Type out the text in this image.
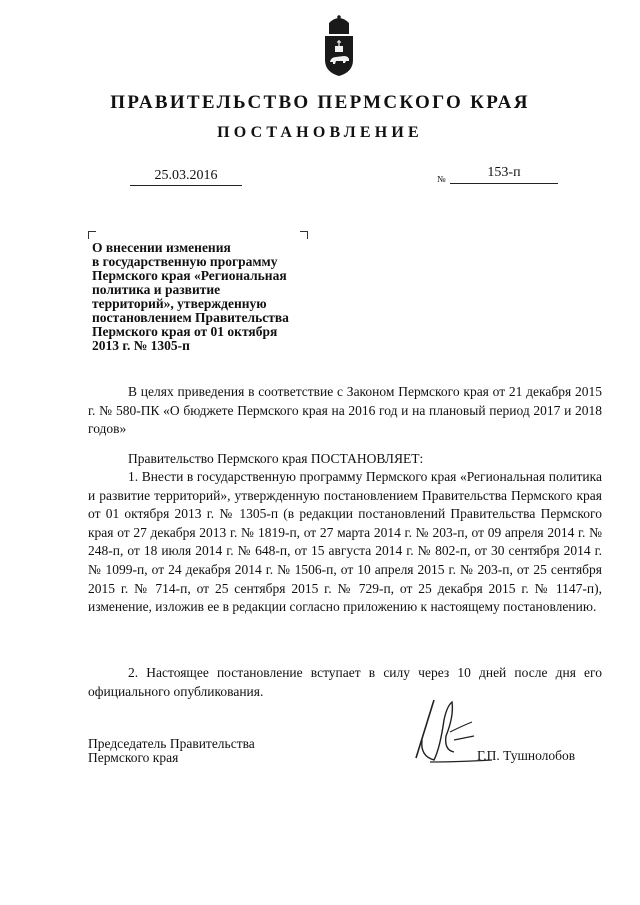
ПРАВИТЕЛЬСТВО ПЕРМСКОГО КРАЯ
ПОСТАНОВЛЕНИЕ
25.03.2016	№	153-п
О внесении изменения
в государственную программу
Пермского края «Региональная
политика и развитие
территорий», утвержденную
постановлением Правительства
Пермского края от 01 октября
2013 г. № 1305-п

В целях приведения в соответствие с Законом Пермского края от 21 декабря 2015 г. № 580-ПК «О бюджете Пермского края на 2016 год и на плановый период 2017 и 2018 годов»

Правительство Пермского края ПОСТАНОВЛЯЕТ:

1. Внести в государственную программу Пермского края «Региональная политика и развитие территорий», утвержденную постановлением Правительства Пермского края от 01 октября 2013 г. № 1305-п (в редакции постановлений Правительства Пермского края от 27 декабря 2013 г. № 1819-п, от 27 марта 2014 г. № 203-п, от 09 апреля 2014 г. № 248-п, от 18 июля 2014 г. № 648-п, от 15 августа 2014 г. № 802-п, от 30 сентября 2014 г. № 1099-п, от 24 декабря 2014 г. № 1506-п, от 10 апреля 2015 г. № 203-п, от 25 сентября 2015 г. № 714-п, от 25 сентября 2015 г. № 729-п, от 25 декабря 2015 г. № 1147-п), изменение, изложив ее в редакции согласно приложению к настоящему постановлению.

2. Настоящее постановление вступает в силу через 10 дней после дня его официального опубликования.

Председатель Правительства
Пермского края	Г.П. Тушнолобов
